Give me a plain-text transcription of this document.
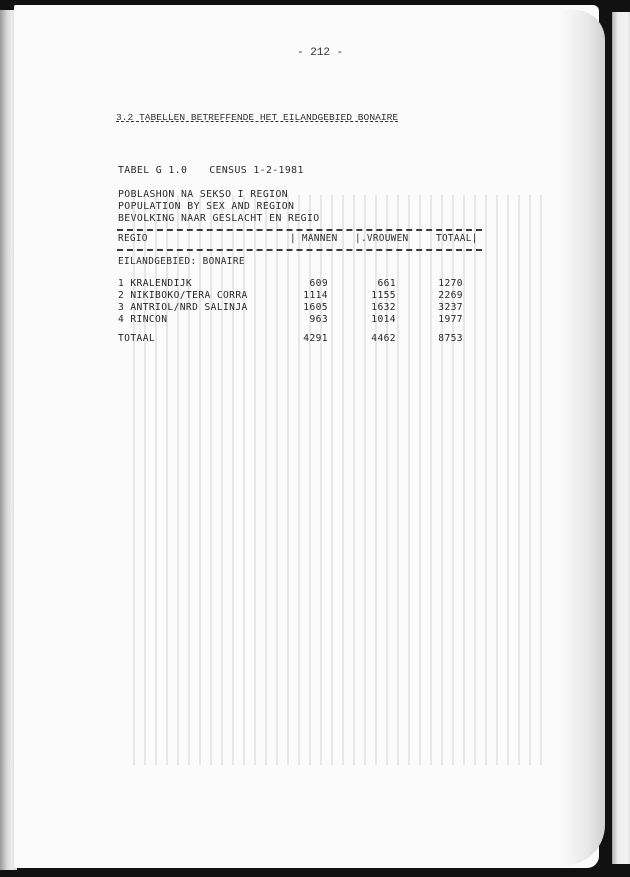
- 212 -
3.2 TABELLEN BETREFFENDE HET EILANDGEBIED BONAIRE
TABEL G 1.0 CENSUS 1-2-1981
POBLASHON NA SEKSO I REGION
POPULATION BY SEX AND REGION
BEVOLKING NAAR GESLACHT EN REGIO
REGIO	| MANNEN |.VROUWEN	TOTAAL|
EILANDGEBIED: BONAIRE
1 KRALENDIJK	609	661	1270
2 NIKIBOKO/TERA CORRA	1114	1155	2269
3 ANTRIOL/NRD SALINJA	1605	1632	3237
4 RINCON	963	1014	1977
TOTAAL	4291	4462	8753
